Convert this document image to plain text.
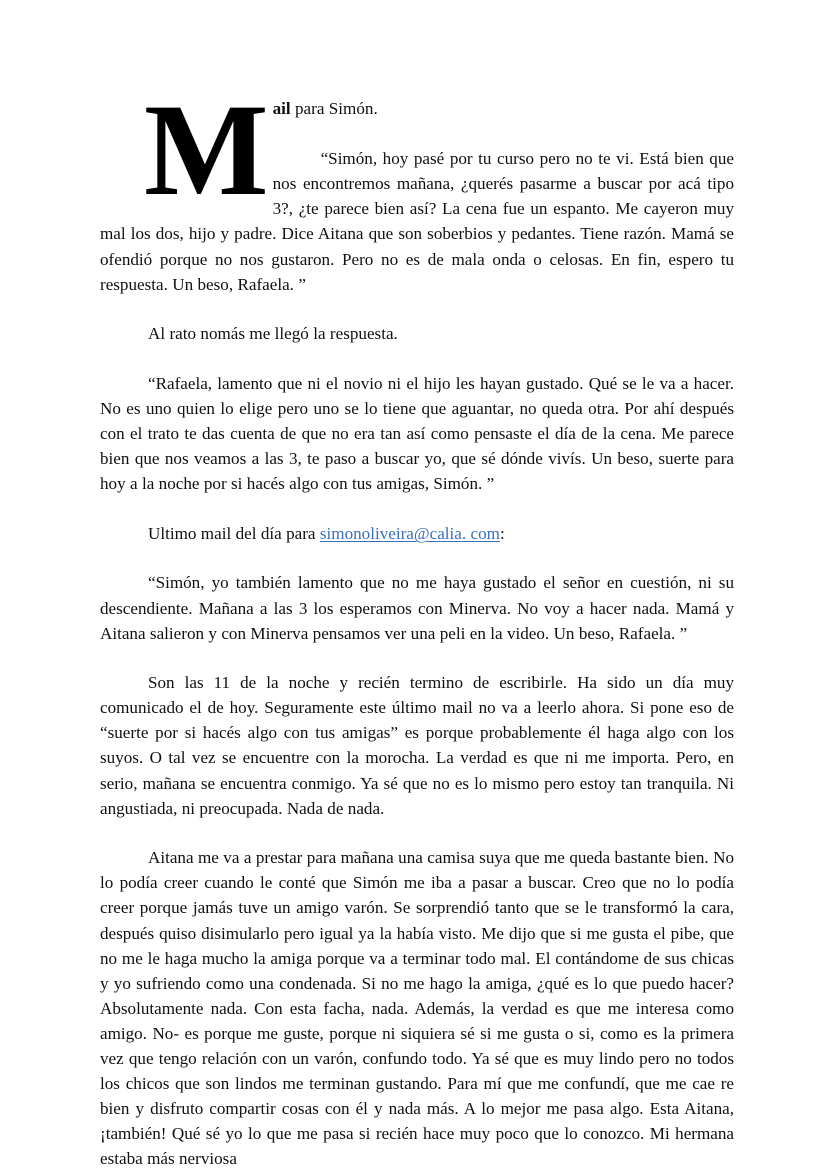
Mail para Simón.
“Simón, hoy pasé por tu curso pero no te vi. Está bien que nos encontremos mañana, ¿querés pasarme a buscar por acá tipo 3?, ¿te parece bien así? La cena fue un espanto. Me cayeron muy mal los dos, hijo y padre. Dice Aitana que son soberbios y pedantes. Tiene razón. Mamá se ofendió porque no nos gustaron. Pero no es de mala onda o celosas. En fin, espero tu respuesta. Un beso, Rafaela. ”

Al rato nomás me llegó la respuesta.

“Rafaela, lamento que ni el novio ni el hijo les hayan gustado. Qué se le va a hacer. No es uno quien lo elige pero uno se lo tiene que aguantar, no queda otra. Por ahí después con el trato te das cuenta de que no era tan así como pensaste el día de la cena. Me parece bien que nos veamos a las 3, te paso a buscar yo, que sé dónde vivís. Un beso, suerte para hoy a la noche por si hacés algo con tus amigas, Simón. ”

Ultimo mail del día para simonoliveira@calia. com:

“Simón, yo también lamento que no me haya gustado el señor en cuestión, ni su descendiente. Mañana a las 3 los esperamos con Minerva. No voy a hacer nada. Mamá y Aitana salieron y con Minerva pensamos ver una peli en la video. Un beso, Rafaela. ”

Son las 11 de la noche y recién termino de escribirle. Ha sido un día muy comunicado el de hoy. Seguramente este último mail no va a leerlo ahora. Si pone eso de “suerte por si hacés algo con tus amigas” es porque probablemente él haga algo con los suyos. O tal vez se encuentre con la morocha. La verdad es que ni me importa. Pero, en serio, mañana se encuentra conmigo. Ya sé que no es lo mismo pero estoy tan tranquila. Ni angustiada, ni preocupada. Nada de nada.

Aitana me va a prestar para mañana una camisa suya que me queda bastante bien. No lo podía creer cuando le conté que Simón me iba a pasar a buscar. Creo que no lo podía creer porque jamás tuve un amigo varón. Se sorprendió tanto que se le transformó la cara, después quiso disimularlo pero igual ya la había visto. Me dijo que si me gusta el pibe, que no me le haga mucho la amiga porque va a terminar todo mal. El contándome de sus chicas y yo sufriendo como una condenada. Si no me hago la amiga, ¿qué es lo que puedo hacer? Absolutamente nada. Con esta facha, nada. Además, la verdad es que me interesa como amigo. No- es porque me guste, porque ni siquiera sé si me gusta o si, como es la primera vez que tengo relación con un varón, confundo todo. Ya sé que es muy lindo pero no todos los chicos que son lindos me terminan gustando. Para mí que me confundí, que me cae re bien y disfruto compartir cosas con él y nada más. A lo mejor me pasa algo. Esta Aitana, ¡también! Qué sé yo lo que me pasa si recién hace muy poco que lo conozco. Mi hermana estaba más nerviosa
